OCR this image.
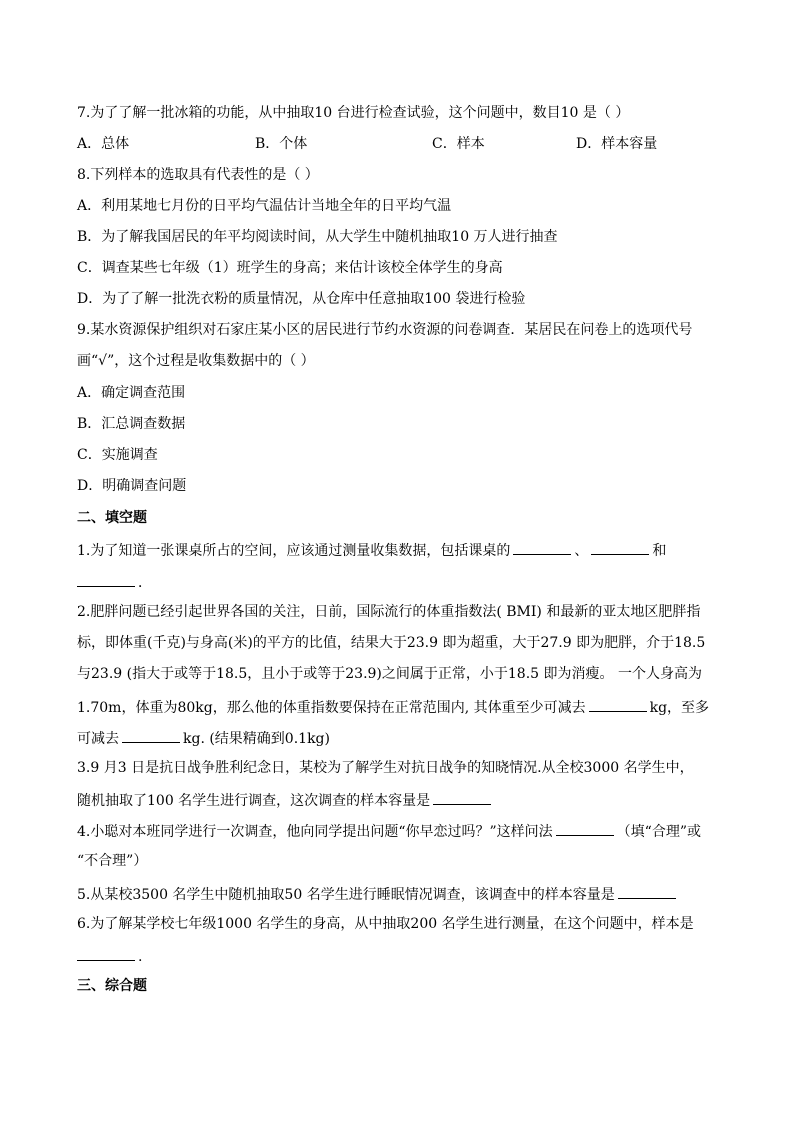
7.为了了解一批冰箱的功能，从中抽取10 台进行检查试验，这个问题中，数目10 是（ ）
A．总体	B．个体	C．样本	D．样本容量
8.下列样本的选取具有代表性的是（ ）
A．利用某地七月份的日平均气温估计当地全年的日平均气温
B．为了解我国居民的年平均阅读时间，从大学生中随机抽取10 万人进行抽查
C．调查某些七年级（1）班学生的身高；来估计该校全体学生的身高
D．为了了解一批洗衣粉的质量情况，从仓库中任意抽取100 袋进行检验
9.某水资源保护组织对石家庄某小区的居民进行节约水资源的问卷调查．某居民在问卷上的选项代号
画“√”，这个过程是收集数据中的（ ）
A．确定调查范围
B．汇总调查数据
C．实施调查
D．明确调查问题
二、填空题
1.为了知道一张课桌所占的空间，应该通过测量收集数据，包括课桌的	、	和
．
2.肥胖问题已经引起世界各国的关注，日前，国际流行的体重指数法( BMI) 和最新的亚太地区肥胖指
标，即体重(千克)与身高(米)的平方的比值，结果大于23.9 即为超重，大于27.9 即为肥胖，介于18.5
与23.9 (指大于或等于18.5，且小于或等于23.9)之间属于正常，小于18.5 即为消瘦。 一个人身高为
1.70m，体重为80kg，那么他的体重指数要保持在正常范围内, 其体重至少可减去	kg，至多
可减去	kg. (结果精确到0.1kg)
3.9 月3 日是抗日战争胜利纪念日，某校为了解学生对抗日战争的知晓情况.从全校3000 名学生中，
随机抽取了100 名学生进行调查，这次调查的样本容量是
4.小聪对本班同学进行一次调查，他向同学提出问题“你早恋过吗？”这样问法	（填“合理”或
“不合理”）
5.从某校3500 名学生中随机抽取50 名学生进行睡眠情况调查，该调查中的样本容量是
6.为了解某学校七年级1000 名学生的身高，从中抽取200 名学生进行测量，在这个问题中，样本是
.
三、综合题
